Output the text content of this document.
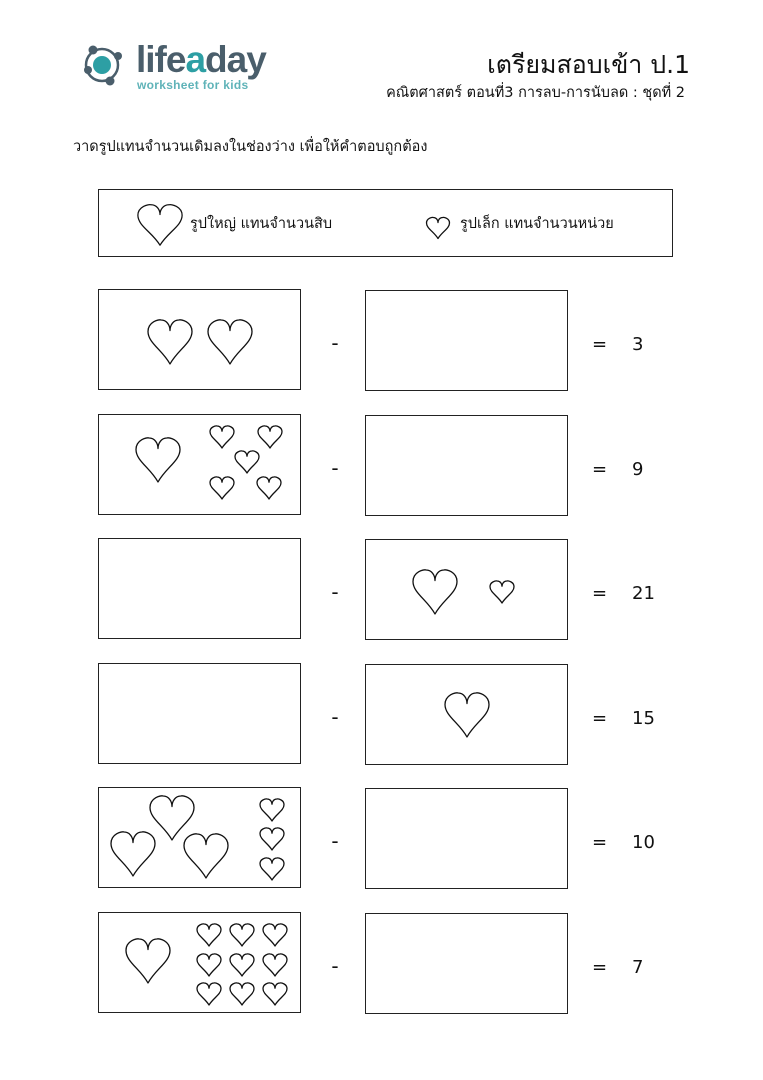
lifeaday
worksheet for kids
เตรียมสอบเข้า ป.1
คณิตศาสตร์ ตอนที่3 การลบ-การนับลด : ชุดที่ 2
วาดรูปแทนจำนวนเดิมลงในช่องว่าง เพื่อให้คำตอบถูกต้อง
รูปใหญ่ แทนจำนวนสิบ	รูปเล็ก แทนจำนวนหน่วย
-	= 3
-	= 9
-	= 21
-	= 15
-	= 10
-	= 7
